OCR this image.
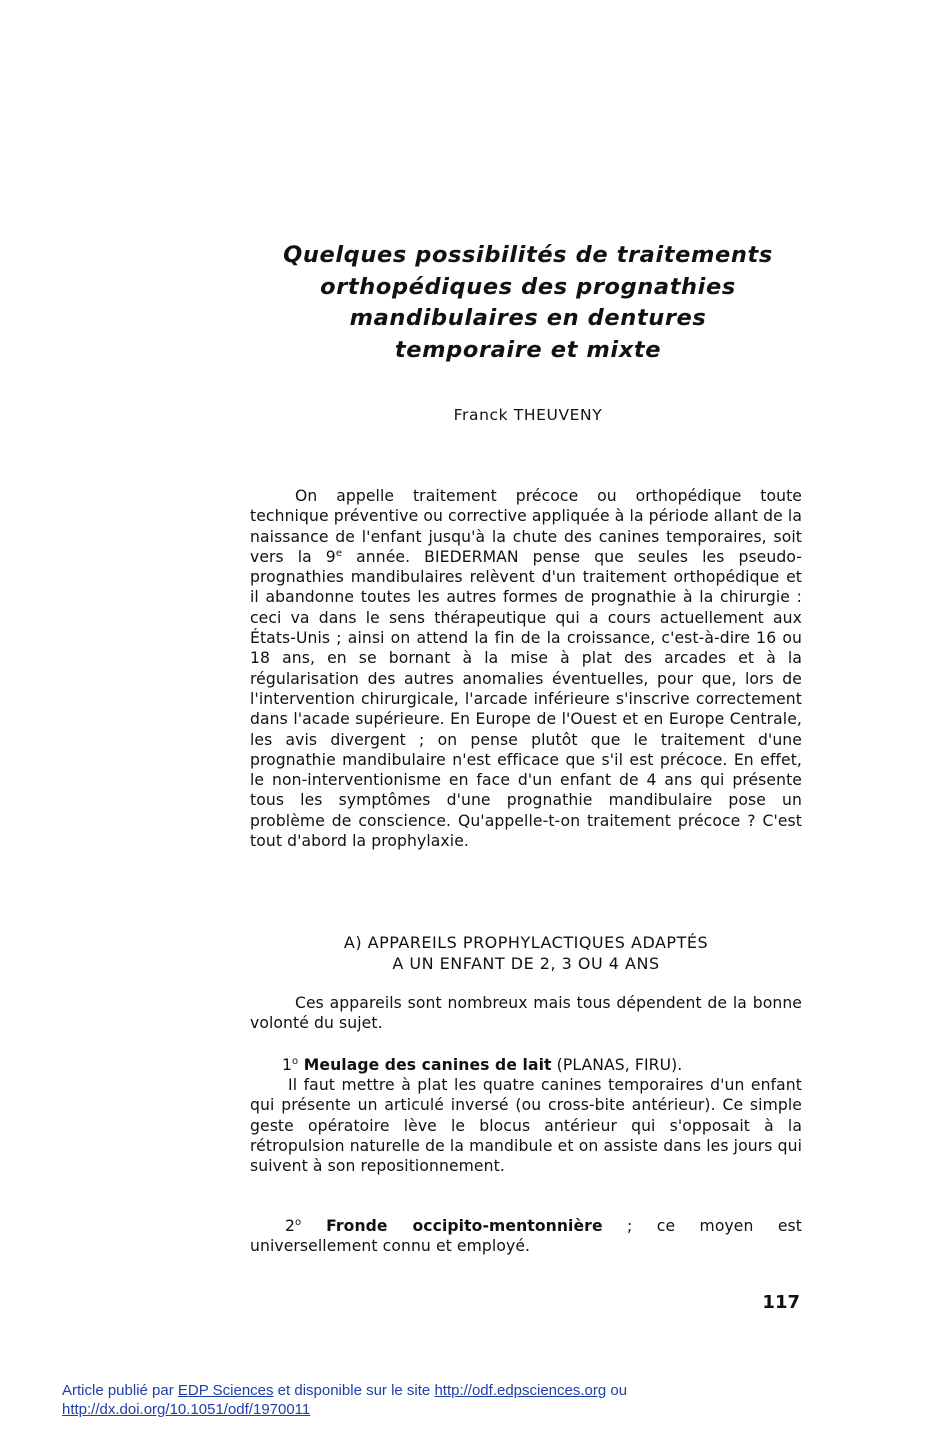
Quelques possibilités de traitements
orthopédiques des prognathies
mandibulaires en dentures
temporaire et mixte
Franck THEUVENY

On appelle traitement précoce ou orthopédique toute technique préventive ou corrective appliquée à la période allant de la naissance de l'enfant jusqu'à la chute des canines temporaires, soit vers la 9e année. BIEDERMAN pense que seules les pseudo-prognathies mandibulaires relèvent d'un traitement orthopédique et il abandonne toutes les autres formes de prognathie à la chirurgie : ceci va dans le sens thérapeutique qui a cours actuellement aux États-Unis ; ainsi on attend la fin de la croissance, c'est-à-dire 16 ou 18 ans, en se bornant à la mise à plat des arcades et à la régularisation des autres anomalies éventuelles, pour que, lors de l'intervention chirurgicale, l'arcade inférieure s'inscrive correctement dans l'acade supérieure. En Europe de l'Ouest et en Europe Centrale, les avis divergent ; on pense plutôt que le traitement d'une prognathie mandibulaire n'est efficace que s'il est précoce. En effet, le non-interventionisme en face d'un enfant de 4 ans qui présente tous les symptômes d'une prognathie mandibulaire pose un problème de conscience. Qu'appelle-t-on traitement précoce ? C'est tout d'abord la prophylaxie.

A) APPAREILS PROPHYLACTIQUES ADAPTÉS
A UN ENFANT DE 2, 3 OU 4 ANS

Ces appareils sont nombreux mais tous dépendent de la bonne volonté du sujet.

1$^o$ Meulage des canines de lait (PLANAS, FIRU).

Il faut mettre à plat les quatre canines temporaires d'un enfant qui présente un articulé inversé (ou cross-bite antérieur). Ce simple geste opératoire lève le blocus antérieur qui s'opposait à la rétropulsion naturelle de la mandibule et on assiste dans les jours qui suivent à son repositionnement.

2$^o$ Fronde occipito-mentonnière ; ce moyen est universellement connu et employé.

117
Article publié par EDP Sciences et disponible sur le site http://odf.edpsciences.org ou
http://dx.doi.org/10.1051/odf/1970011
